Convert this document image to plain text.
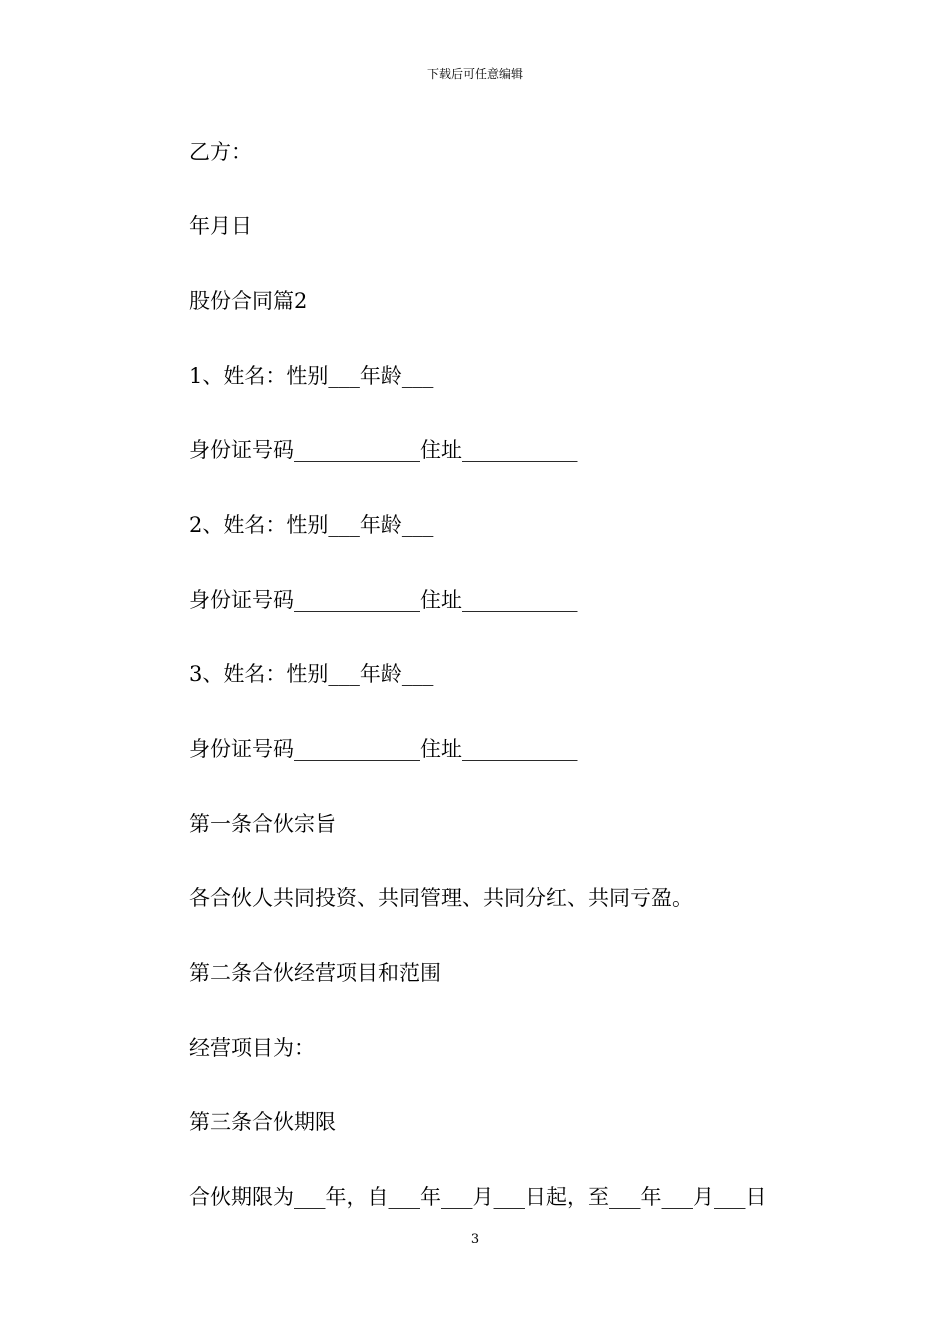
下载后可任意编辑
乙方：
年月日
股份合同篇2
1、姓名：性别___年龄___
身份证号码____________住址___________
2、姓名：性别___年龄___
身份证号码____________住址___________
3、姓名：性别___年龄___
身份证号码____________住址___________
第一条合伙宗旨
各合伙人共同投资、共同管理、共同分红、共同亏盈。
第二条合伙经营项目和范围
经营项目为：
第三条合伙期限
合伙期限为___年，自___年___月___日起，至___年___月___日
3
